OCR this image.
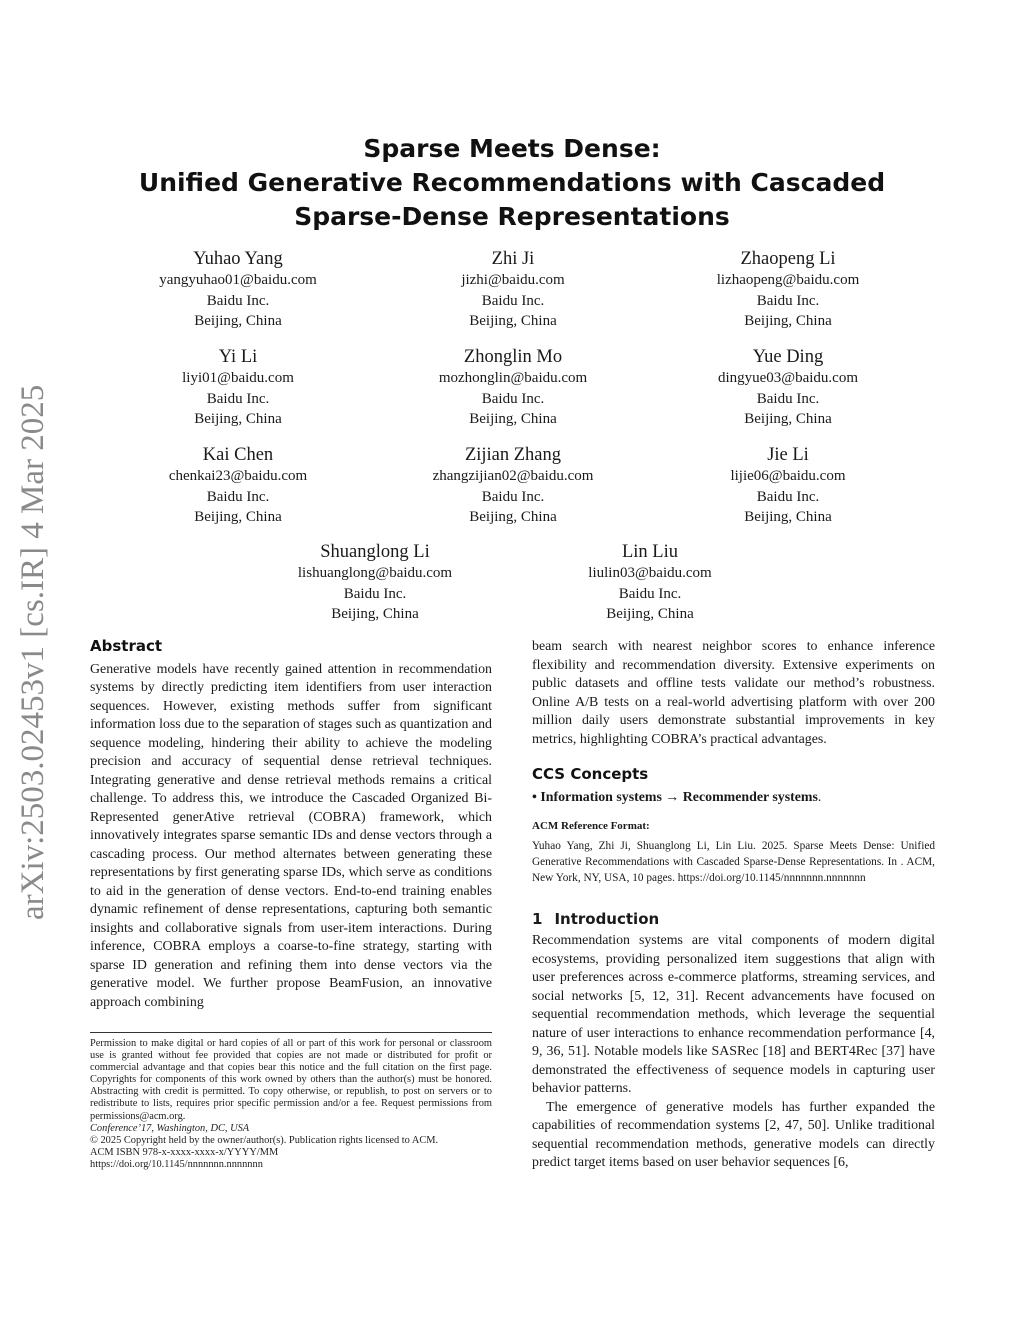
arXiv:2503.02453v1 [cs.IR] 4 Mar 2025
Sparse Meets Dense:
Unified Generative Recommendations with Cascaded
Sparse-Dense Representations
Yuhao Yang
yangyuhao01@baidu.com
Baidu Inc.
Beijing, China
Zhi Ji
jizhi@baidu.com
Baidu Inc.
Beijing, China
Zhaopeng Li
lizhaopeng@baidu.com
Baidu Inc.
Beijing, China
Yi Li
liyi01@baidu.com
Baidu Inc.
Beijing, China
Zhonglin Mo
mozhonglin@baidu.com
Baidu Inc.
Beijing, China
Yue Ding
dingyue03@baidu.com
Baidu Inc.
Beijing, China
Kai Chen
chenkai23@baidu.com
Baidu Inc.
Beijing, China
Zijian Zhang
zhangzijian02@baidu.com
Baidu Inc.
Beijing, China
Jie Li
lijie06@baidu.com
Baidu Inc.
Beijing, China
Shuanglong Li
lishuanglong@baidu.com
Baidu Inc.
Beijing, China
Lin Liu
liulin03@baidu.com
Baidu Inc.
Beijing, China
Abstract

Generative models have recently gained attention in recommendation systems by directly predicting item identifiers from user interaction sequences. However, existing methods suffer from significant information loss due to the separation of stages such as quantization and sequence modeling, hindering their ability to achieve the modeling precision and accuracy of sequential dense retrieval techniques. Integrating generative and dense retrieval methods remains a critical challenge. To address this, we introduce the Cascaded Organized Bi-Represented generAtive retrieval (COBRA) framework, which innovatively integrates sparse semantic IDs and dense vectors through a cascading process. Our method alternates between generating these representations by first generating sparse IDs, which serve as conditions to aid in the generation of dense vectors. End-to-end training enables dynamic refinement of dense representations, capturing both semantic insights and collaborative signals from user-item interactions. During inference, COBRA employs a coarse-to-fine strategy, starting with sparse ID generation and refining them into dense vectors via the generative model. We further propose BeamFusion, an innovative approach combining

Permission to make digital or hard copies of all or part of this work for personal or classroom use is granted without fee provided that copies are not made or distributed for profit or commercial advantage and that copies bear this notice and the full citation on the first page. Copyrights for components of this work owned by others than the author(s) must be honored. Abstracting with credit is permitted. To copy otherwise, or republish, to post on servers or to redistribute to lists, requires prior specific permission and/or a fee. Request permissions from permissions@acm.org.
Conference’17, Washington, DC, USA
© 2025 Copyright held by the owner/author(s). Publication rights licensed to ACM.
ACM ISBN 978-x-xxxx-xxxx-x/YYYY/MM
https://doi.org/10.1145/nnnnnnn.nnnnnnn

beam search with nearest neighbor scores to enhance inference flexibility and recommendation diversity. Extensive experiments on public datasets and offline tests validate our method’s robustness. Online A/B tests on a real-world advertising platform with over 200 million daily users demonstrate substantial improvements in key metrics, highlighting COBRA’s practical advantages.

CCS Concepts

• Information systems → Recommender systems.

ACM Reference Format:

Yuhao Yang, Zhi Ji, Shuanglong Li, Lin Liu. 2025. Sparse Meets Dense: Unified Generative Recommendations with Cascaded Sparse-Dense Representations. In . ACM, New York, NY, USA, 10 pages. https://doi.org/10.1145/nnnnnnn.nnnnnnn

1 Introduction

Recommendation systems are vital components of modern digital ecosystems, providing personalized item suggestions that align with user preferences across e-commerce platforms, streaming services, and social networks [5, 12, 31]. Recent advancements have focused on sequential recommendation methods, which leverage the sequential nature of user interactions to enhance recommendation performance [4, 9, 36, 51]. Notable models like SASRec [18] and BERT4Rec [37] have demonstrated the effectiveness of sequence models in capturing user behavior patterns.

The emergence of generative models has further expanded the capabilities of recommendation systems [2, 47, 50]. Unlike traditional sequential recommendation methods, generative models can directly predict target items based on user behavior sequences [6,
